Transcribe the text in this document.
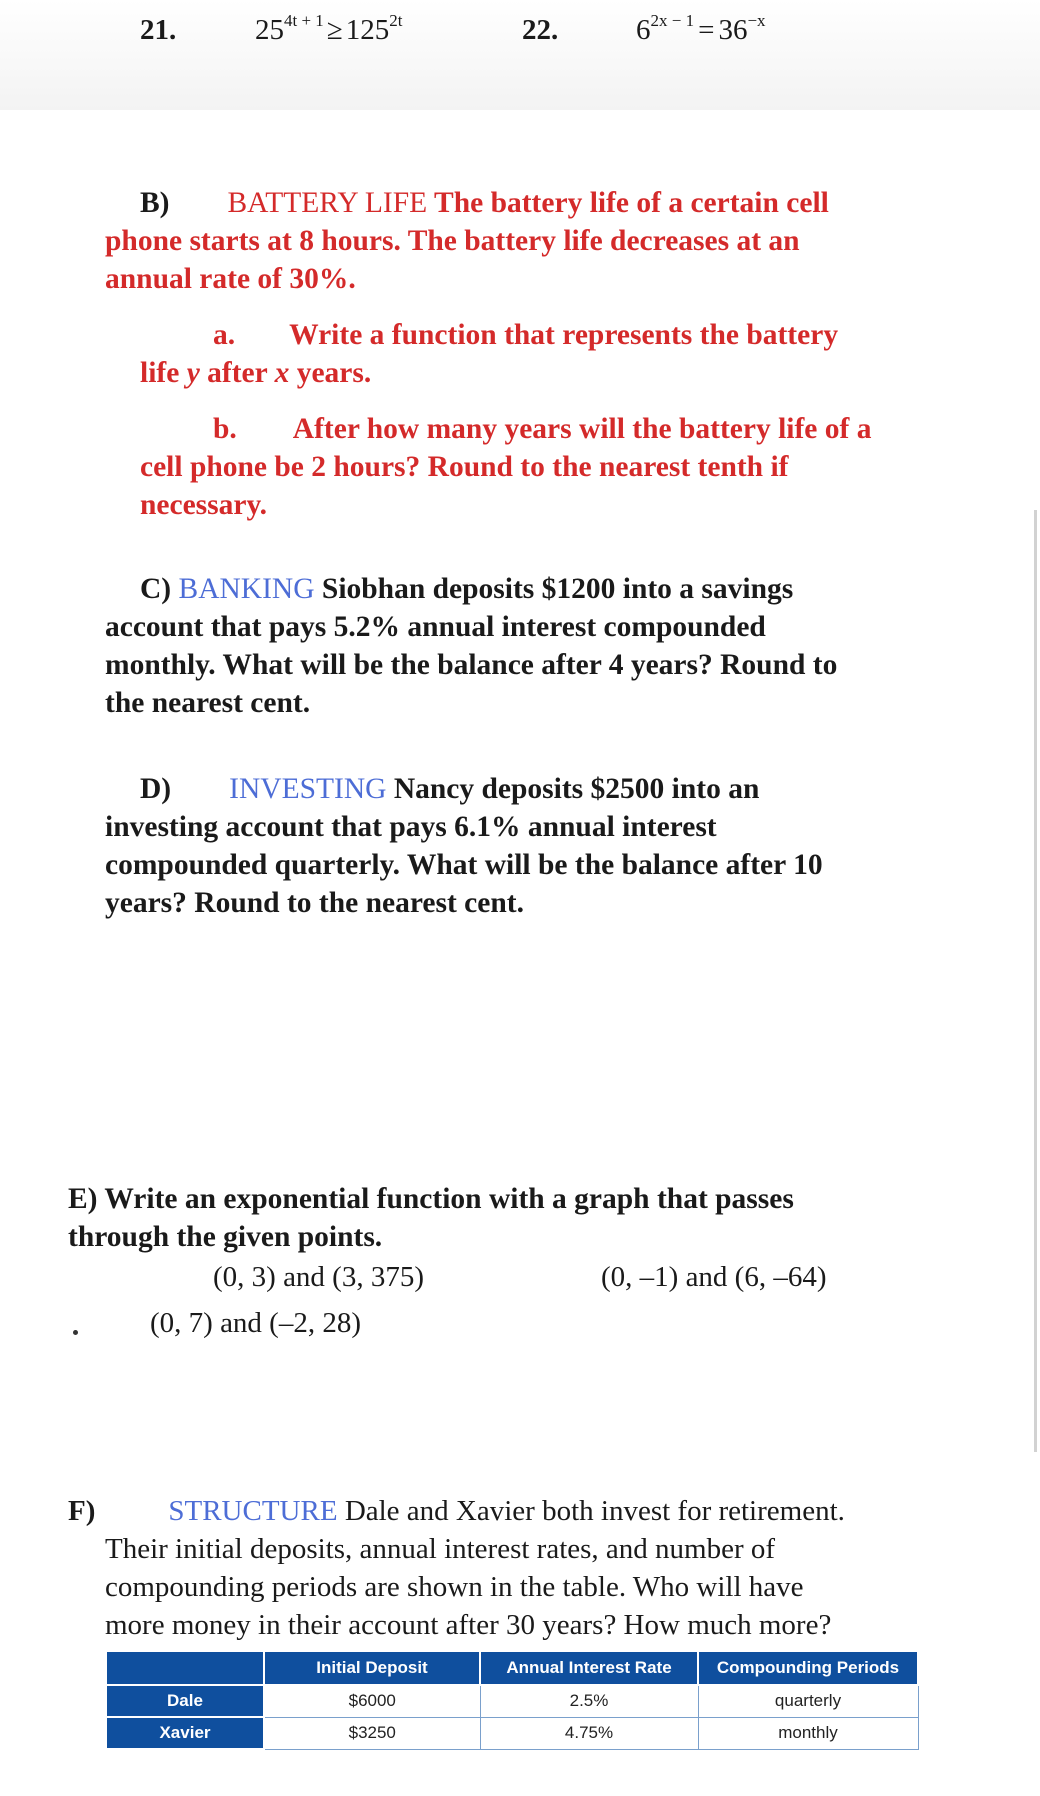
21.	$25^{4t + 1} \ge 125^{2t}$	22.	$6^{2x - 1} = 36^{-x}$
B) BATTERY LIFE The battery life of a certain cell
phone starts at 8 hours. The battery life decreases at an
annual rate of 30%.
a. Write a function that represents the battery
life y after x years.
b. After how many years will the battery life of a
cell phone be 2 hours? Round to the nearest tenth if
necessary.
C) BANKING Siobhan deposits $1200 into a savings
account that pays 5.2% annual interest compounded
monthly. What will be the balance after 4 years? Round to
the nearest cent.
D) INVESTING Nancy deposits $2500 into an
investing account that pays 6.1% annual interest
compounded quarterly. What will be the balance after 10
years? Round to the nearest cent.
E) Write an exponential function with a graph that passes
through the given points.
(0, 3) and (3, 375)	(0, –1) and (6, –64)
(0, 7) and (–2, 28)
F)	STRUCTURE Dale and Xavier both invest for retirement.
Their initial deposits, annual interest rates, and number of
compounding periods are shown in the table. Who will have
more money in their account after 30 years? How much more?
	Initial Deposit	Annual Interest Rate	Compounding Periods
Dale	$6000	2.5%	quarterly
Xavier	$3250	4.75%	monthly
